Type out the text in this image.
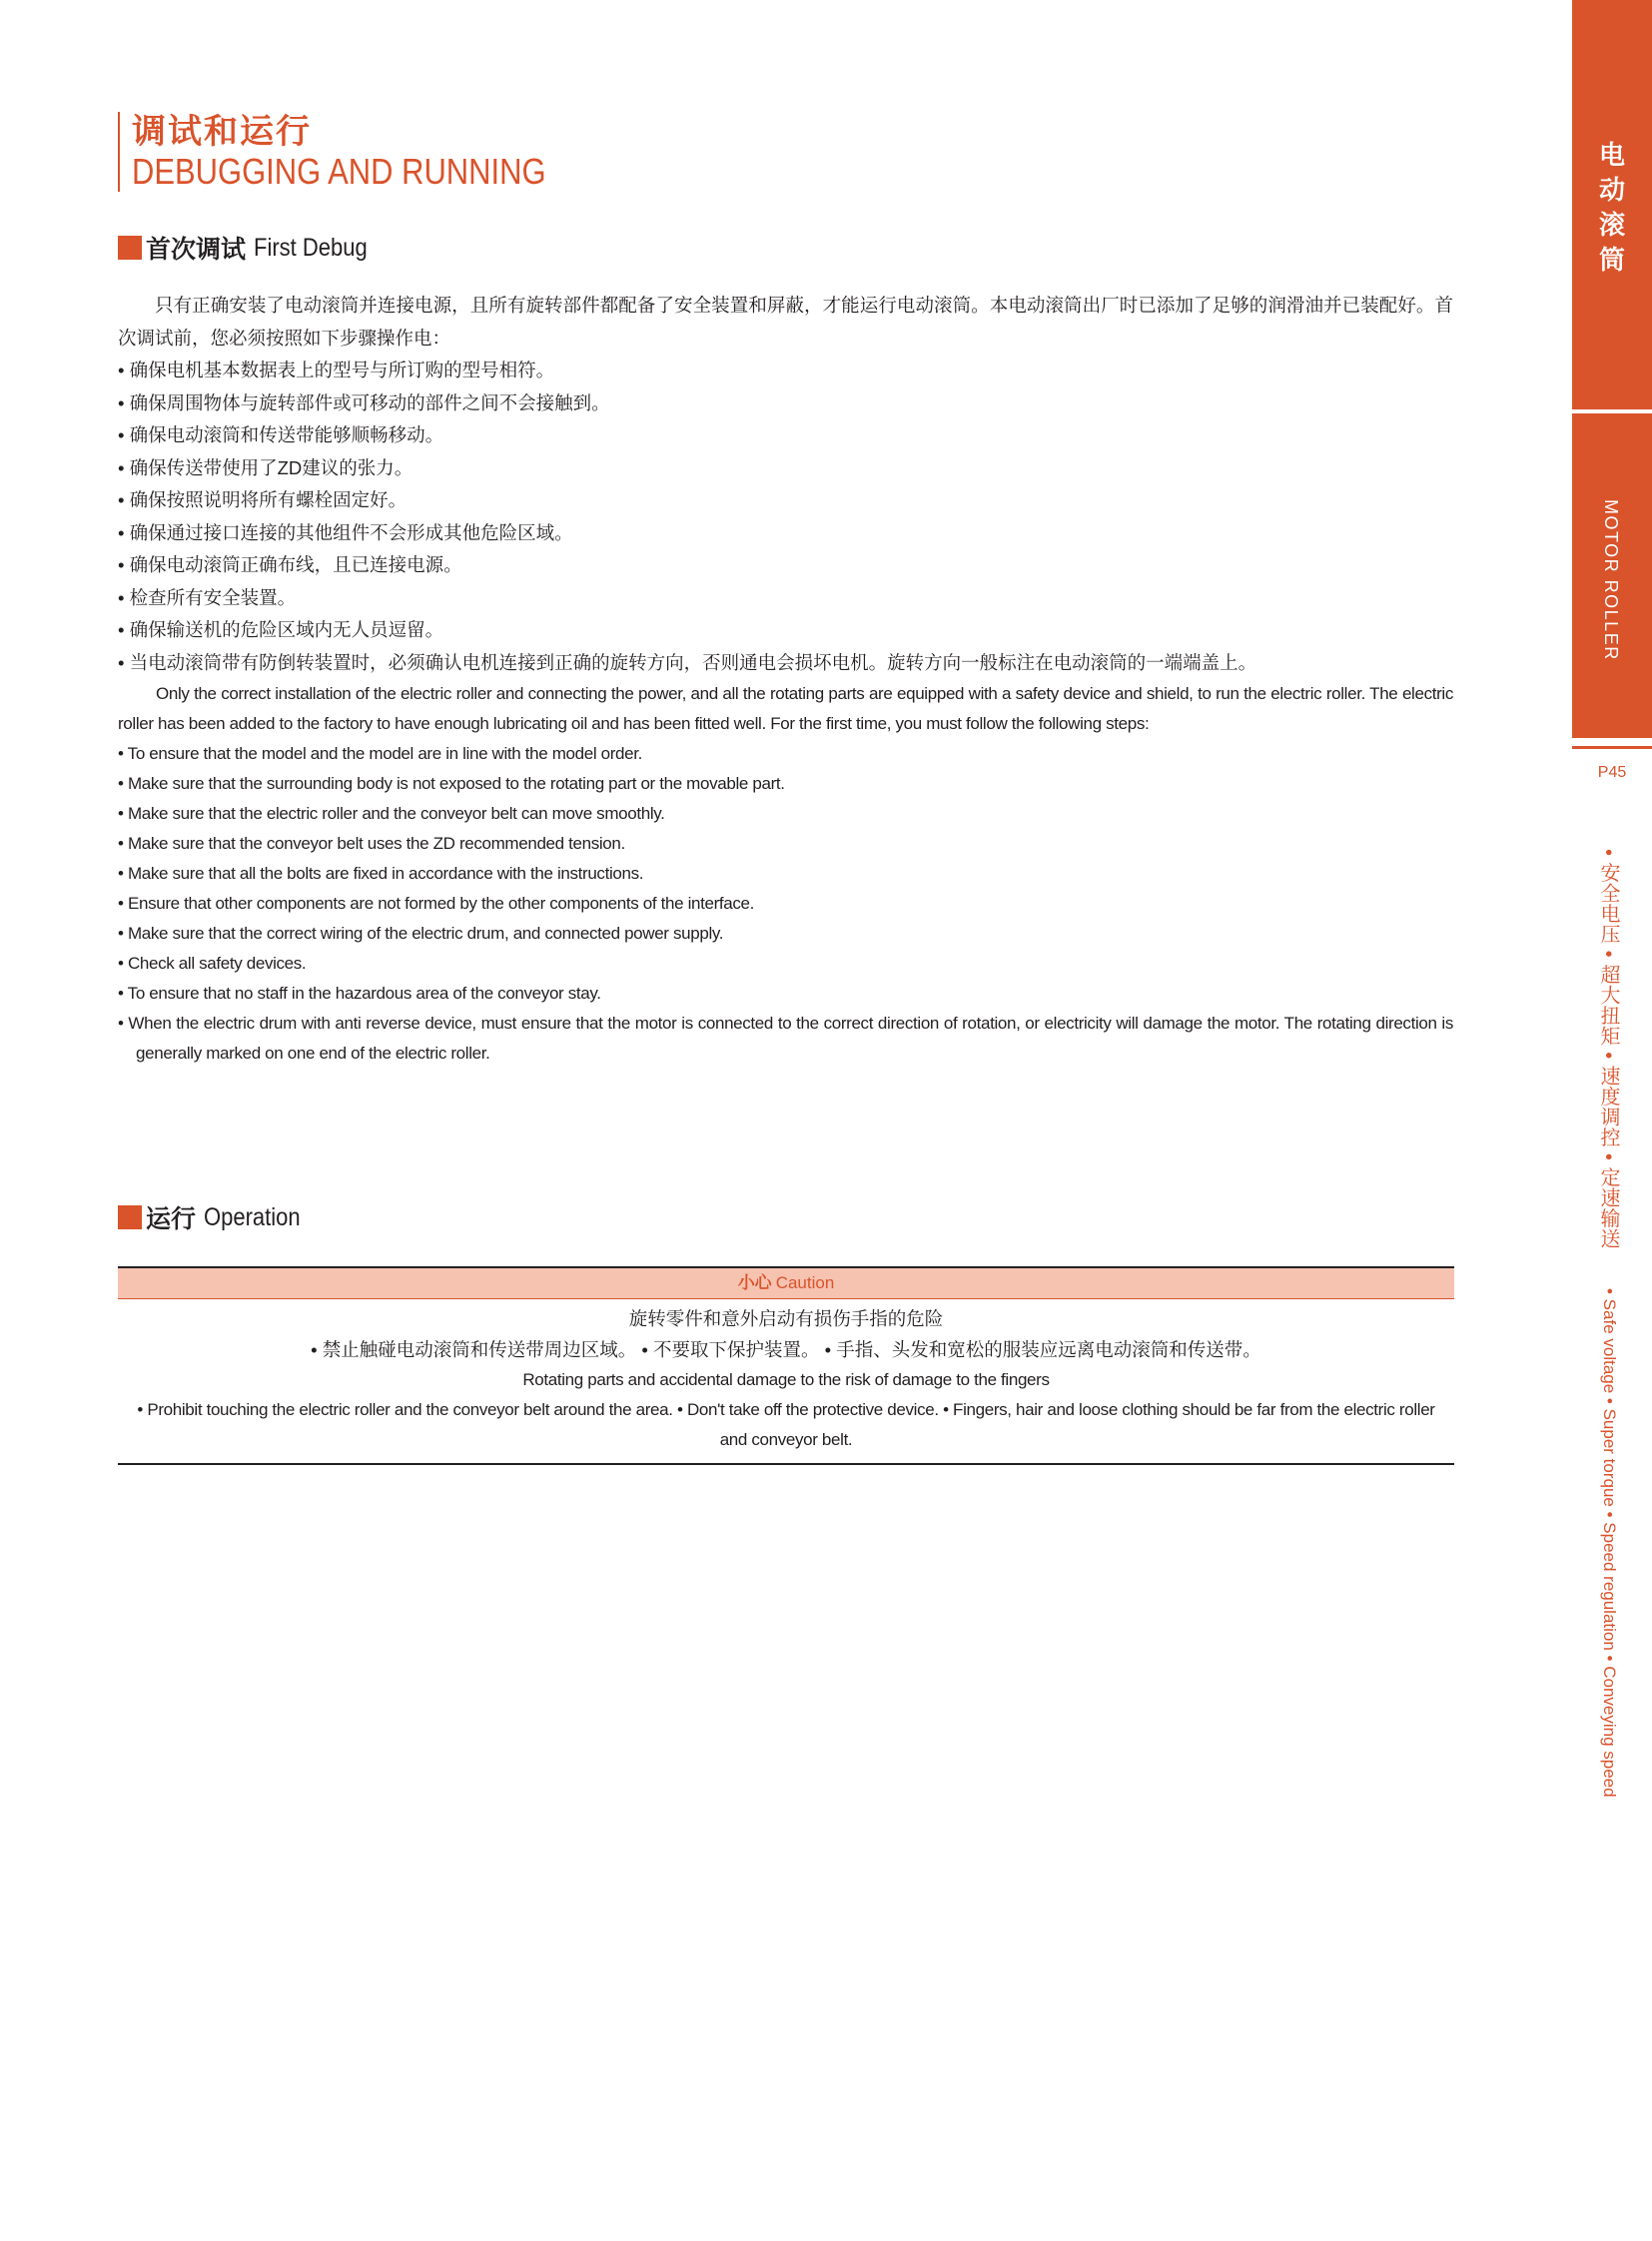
调试和运行
DEBUGGING AND RUNNING
首次调试 First Debug

只有正确安装了电动滚筒并连接电源，且所有旋转部件都配备了安全装置和屏蔽，才能运行电动滚筒。本电动滚筒出厂时已添加了足够的润滑油并已装配好。首次调试前，您必须按照如下步骤操作电：

• 确保电机基本数据表上的型号与所订购的型号相符。
• 确保周围物体与旋转部件或可移动的部件之间不会接触到。
• 确保电动滚筒和传送带能够顺畅移动。
• 确保传送带使用了ZD建议的张力。
• 确保按照说明将所有螺栓固定好。
• 确保通过接口连接的其他组件不会形成其他危险区域。
• 确保电动滚筒正确布线，且已连接电源。
• 检查所有安全装置。
• 确保输送机的危险区域内无人员逗留。
• 当电动滚筒带有防倒转装置时，必须确认电机连接到正确的旋转方向，否则通电会损坏电机。旋转方向一般标注在电动滚筒的一端端盖上。

Only the correct installation of the electric roller and connecting the power, and all the rotating parts are equipped with a safety device and shield, to run the electric roller. The electric roller has been added to the factory to have enough lubricating oil and has been fitted well. For the first time, you must follow the following steps:

• To ensure that the model and the model are in line with the model order.
• Make sure that the surrounding body is not exposed to the rotating part or the movable part.
• Make sure that the electric roller and the conveyor belt can move smoothly.
• Make sure that the conveyor belt uses the ZD recommended tension.
• Make sure that all the bolts are fixed in accordance with the instructions.
• Ensure that other components are not formed by the other components of the interface.
• Make sure that the correct wiring of the electric drum, and connected power supply.
• Check all safety devices.
• To ensure that no staff in the hazardous area of the conveyor stay.
• When the electric drum with anti reverse device, must ensure that the motor is connected to the correct direction of rotation, or electricity will damage the motor. The rotating direction is generally marked on one end of the electric roller.
运行 Operation
小心 Caution
旋转零件和意外启动有损伤手指的危险
• 禁止触碰电动滚筒和传送带周边区域。 • 不要取下保护装置。 • 手指、头发和宽松的服装应远离电动滚筒和传送带。
Rotating parts and accidental damage to the risk of damage to the fingers
• Prohibit touching the electric roller and the conveyor belt around the area. • Don't take off the protective device. • Fingers, hair and loose clothing should be far from the electric roller and conveyor belt.
电
动
滚
筒
MOTOR ROLLER
P45
• 安全电压 • 超大扭矩 • 速度调控 • 定速输送
• Safe voltage • Super torque • Speed regulation • Conveying speed
